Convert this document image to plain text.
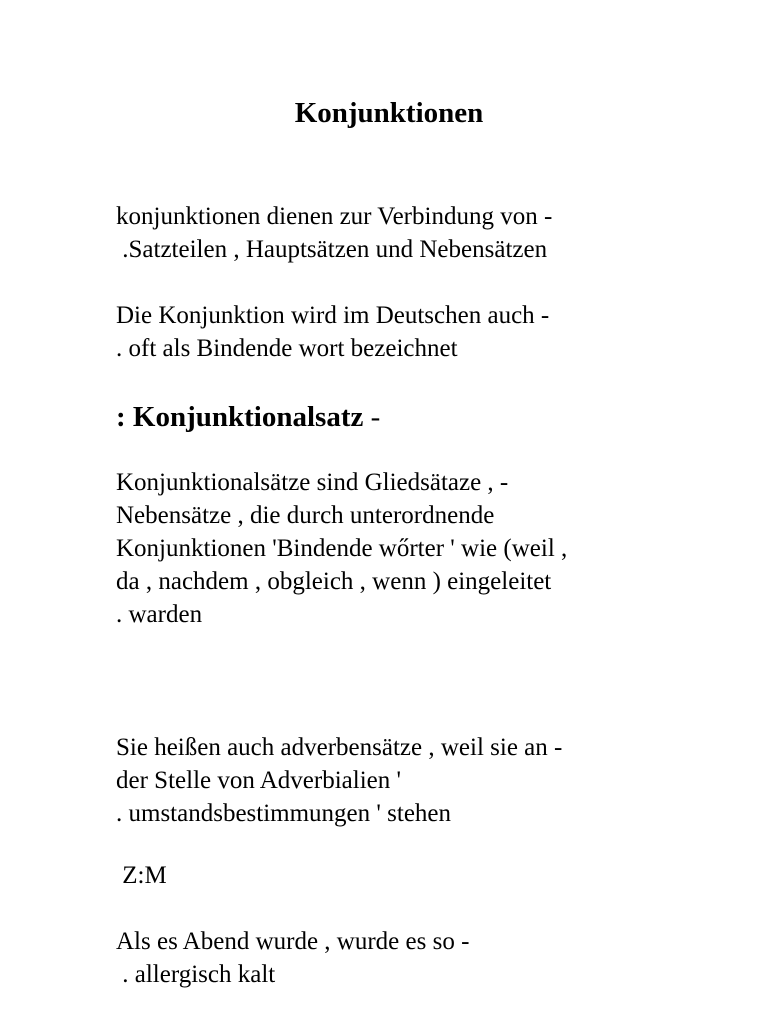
Konjunktionen
konjunktionen dienen zur Verbindung von -
.Satzteilen , Hauptsätzen und Nebensätzen
Die Konjunktion wird im Deutschen auch -
. oft als Bindende wort bezeichnet
: Konjunktionalsatz -
Konjunktionalsätze sind Gliedsätaze , -
Nebensätze , die durch unterordnende
Konjunktionen 'Bindende wőrter ' wie (weil ,
da , nachdem , obgleich , wenn ) eingeleitet
. warden
Sie heißen auch adverbensätze , weil sie an -
der Stelle von Adverbialien '
. umstandsbestimmungen ' stehen
Z:M
Als es Abend wurde , wurde es so -
. allergisch kalt
